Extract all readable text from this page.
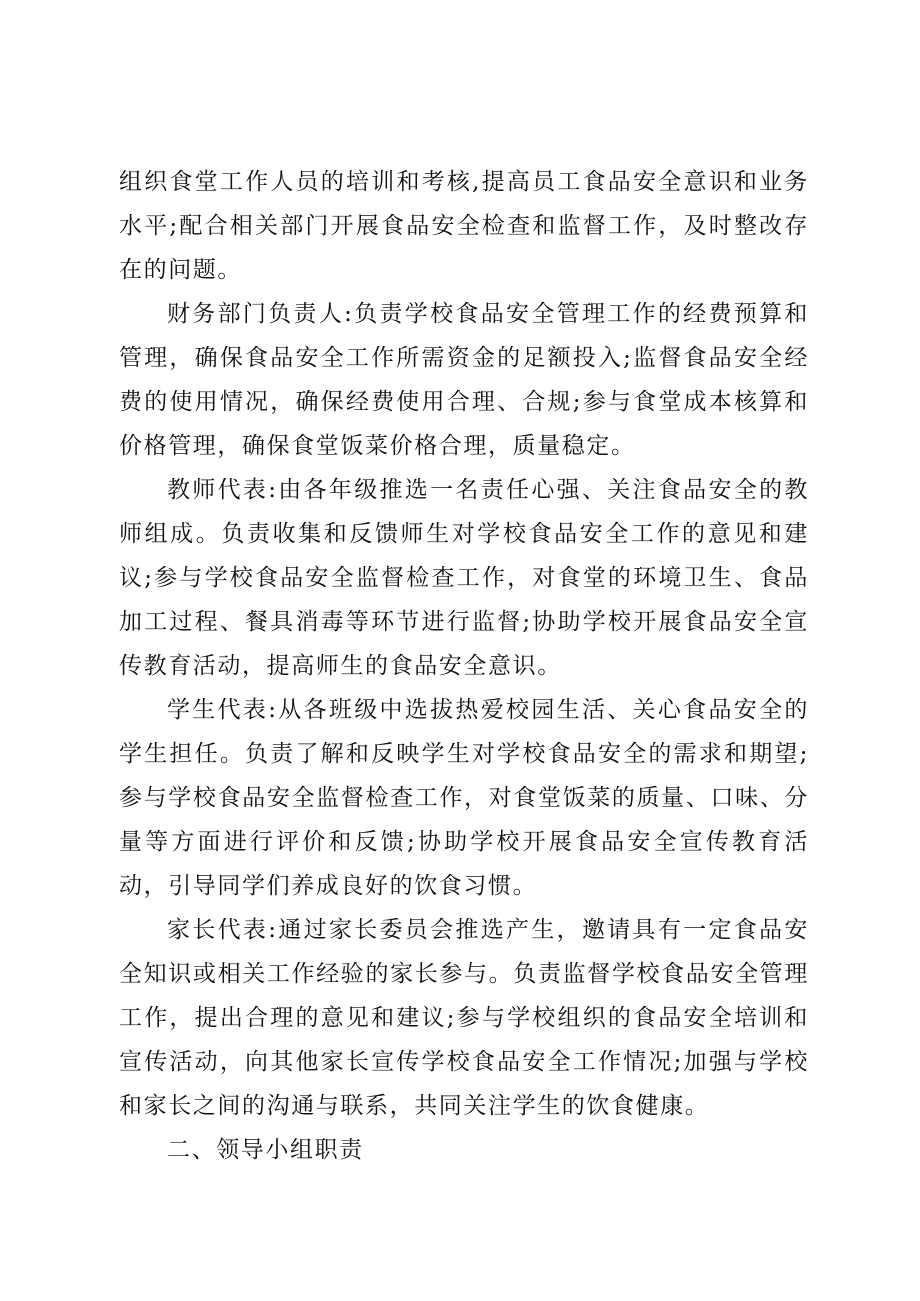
组织食堂工作人员的培训和考核,提高员工食品安全意识和业务水平;配合相关部门开展食品安全检查和监督工作，及时整改存在的问题。

财务部门负责人:负责学校食品安全管理工作的经费预算和管理，确保食品安全工作所需资金的足额投入;监督食品安全经费的使用情况，确保经费使用合理、合规;参与食堂成本核算和价格管理，确保食堂饭菜价格合理，质量稳定。

教师代表:由各年级推选一名责任心强、关注食品安全的教师组成。负责收集和反馈师生对学校食品安全工作的意见和建议;参与学校食品安全监督检查工作，对食堂的环境卫生、食品加工过程、餐具消毒等环节进行监督;协助学校开展食品安全宣传教育活动，提高师生的食品安全意识。

学生代表:从各班级中选拔热爱校园生活、关心食品安全的学生担任。负责了解和反映学生对学校食品安全的需求和期望;参与学校食品安全监督检查工作，对食堂饭菜的质量、口味、分量等方面进行评价和反馈;协助学校开展食品安全宣传教育活动，引导同学们养成良好的饮食习惯。

家长代表:通过家长委员会推选产生，邀请具有一定食品安全知识或相关工作经验的家长参与。负责监督学校食品安全管理工作，提出合理的意见和建议;参与学校组织的食品安全培训和宣传活动，向其他家长宣传学校食品安全工作情况;加强与学校和家长之间的沟通与联系，共同关注学生的饮食健康。

二、领导小组职责
